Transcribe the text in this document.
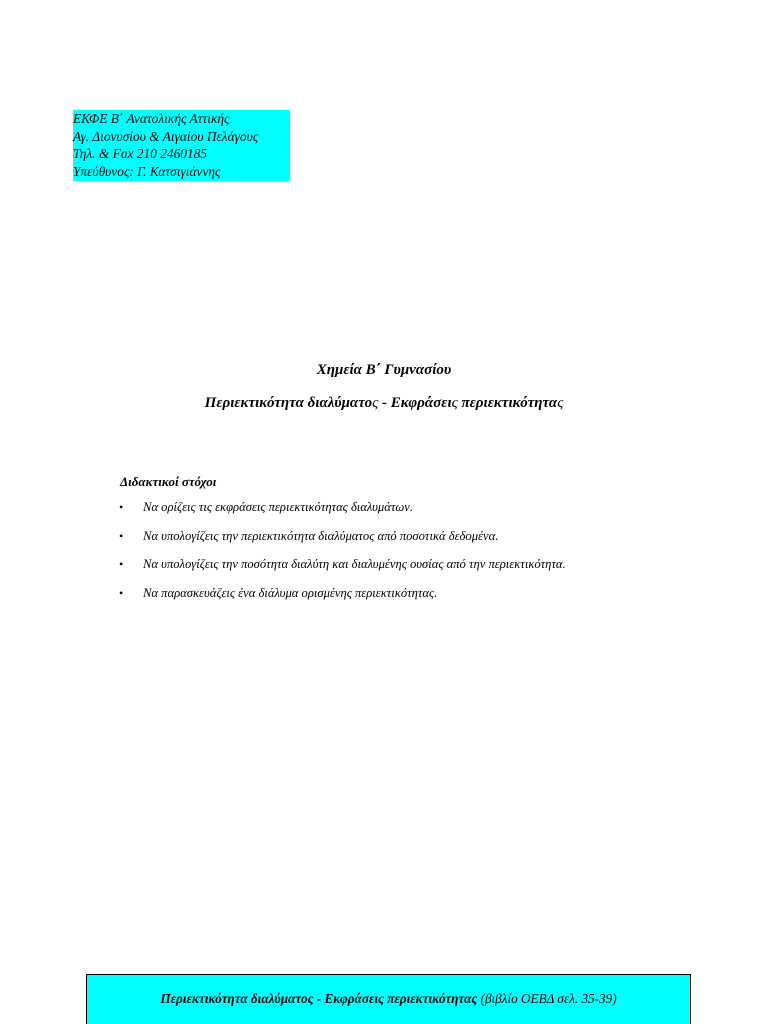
ΕΚΦΕ Β΄ Ανατολικής Αττικής
Αγ. Διονυσίου & Αιγαίου Πελάγους
Τηλ. & Fax 210 2460185
Υπεύθυνος: Γ. Κατσιγιάννης
Χημεία Β΄ Γυμνασίου
Περιεκτικότητα διαλύματος - Εκφράσεις περιεκτικότητας
Διδακτικοί στόχοι
• Να ορίζεις τις εκφράσεις περιεκτικότητας διαλυμάτων.
• Να υπολογίζεις την περιεκτικότητα διαλύματος από ποσοτικά δεδομένα.
• Να υπολογίζεις την ποσότητα διαλύτη και διαλυμένης ουσίας από την περιεκτικότητα.
• Να παρασκευάζεις ένα διάλυμα ορισμένης περιεκτικότητας.
Περιεκτικότητα διαλύματος - Εκφράσεις περιεκτικότητας (βιβλίο ΟΕΒΔ σελ. 35-39)
